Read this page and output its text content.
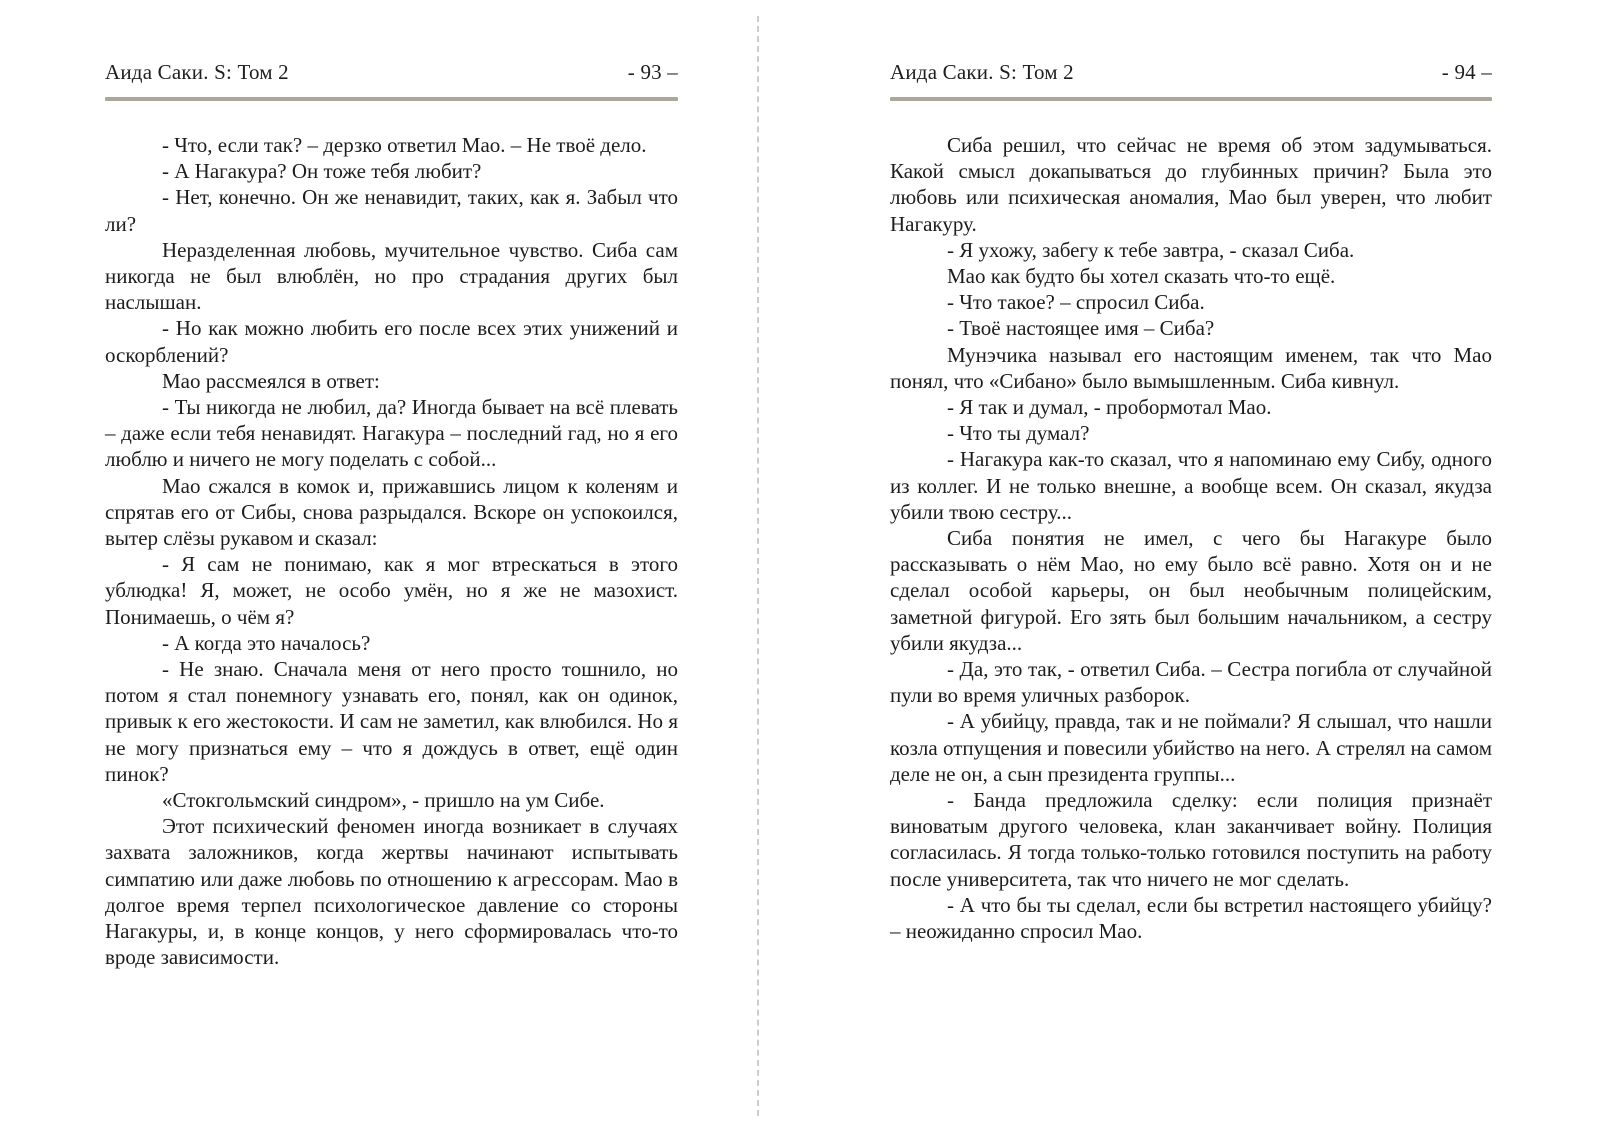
Аида Саки. S: Том 2	- 93 –

- Что, если так? – дерзко ответил Мао. – Не твоё дело.

- А Нагакура? Он тоже тебя любит?

- Нет, конечно. Он же ненавидит, таких, как я. Забыл что ли?

Неразделенная любовь, мучительное чувство. Сиба сам никогда не был влюблён, но про страдания других был наслышан.

- Но как можно любить его после всех этих унижений и оскорблений?

Мао рассмеялся в ответ:

- Ты никогда не любил, да? Иногда бывает на всё плевать – даже если тебя ненавидят. Нагакура – последний гад, но я его люблю и ничего не могу поделать с собой...

Мао сжался в комок и, прижавшись лицом к коленям и спрятав его от Сибы, снова разрыдался. Вскоре он успокоился, вытер слёзы рукавом и сказал:

- Я сам не понимаю, как я мог втрескаться в этого ублюдка! Я, может, не особо умён, но я же не мазохист. Понимаешь, о чём я?

- А когда это началось?

- Не знаю. Сначала меня от него просто тошнило, но потом я стал понемногу узнавать его, понял, как он одинок, привык к его жестокости. И сам не заметил, как влюбился. Но я не могу признаться ему – что я дождусь в ответ, ещё один пинок?

«Стокгольмский синдром», - пришло на ум Сибе.

Этот психический феномен иногда возникает в случаях захвата заложников, когда жертвы начинают испытывать симпатию или даже любовь по отношению к агрессорам. Мао в долгое время терпел психологическое давление со стороны Нагакуры, и, в конце концов, у него сформировалась что-то вроде зависимости.

Аида Саки. S: Том 2	- 94 –

Сиба решил, что сейчас не время об этом задумываться. Какой смысл докапываться до глубинных причин? Была это любовь или психическая аномалия, Мао был уверен, что любит Нагакуру.

- Я ухожу, забегу к тебе завтра, - сказал Сиба.

Мао как будто бы хотел сказать что-то ещё.

- Что такое? – спросил Сиба.

- Твоё настоящее имя – Сиба?

Мунэчика называл его настоящим именем, так что Мао понял, что «Сибано» было вымышленным. Сиба кивнул.

- Я так и думал, - пробормотал Мао.

- Что ты думал?

- Нагакура как-то сказал, что я напоминаю ему Сибу, одного из коллег. И не только внешне, а вообще всем. Он сказал, якудза убили твою сестру...

Сиба понятия не имел, с чего бы Нагакуре было рассказывать о нём Мао, но ему было всё равно. Хотя он и не сделал особой карьеры, он был необычным полицейским, заметной фигурой. Его зять был большим начальником, а сестру убили якудза...

- Да, это так, - ответил Сиба. – Сестра погибла от случайной пули во время уличных разборок.

- А убийцу, правда, так и не поймали? Я слышал, что нашли козла отпущения и повесили убийство на него. А стрелял на самом деле не он, а сын президента группы...

- Банда предложила сделку: если полиция признаёт виноватым другого человека, клан заканчивает войну. Полиция согласилась. Я тогда только-только готовился поступить на работу после университета, так что ничего не мог сделать.

- А что бы ты сделал, если бы встретил настоящего убийцу? – неожиданно спросил Мао.
